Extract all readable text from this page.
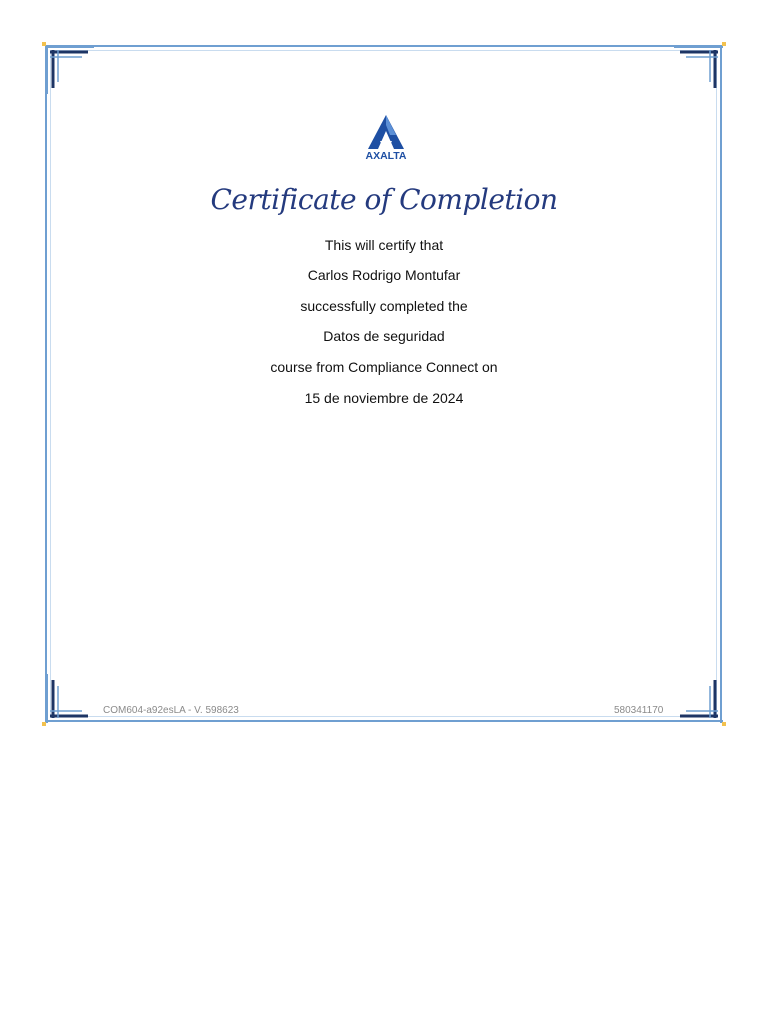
AXALTA
Certificate of Completion
This will certify that
Carlos Rodrigo Montufar
successfully completed the
Datos de seguridad
course from Compliance Connect on
15 de noviembre de 2024
COM604-a92esLA - V. 598623	580341170
